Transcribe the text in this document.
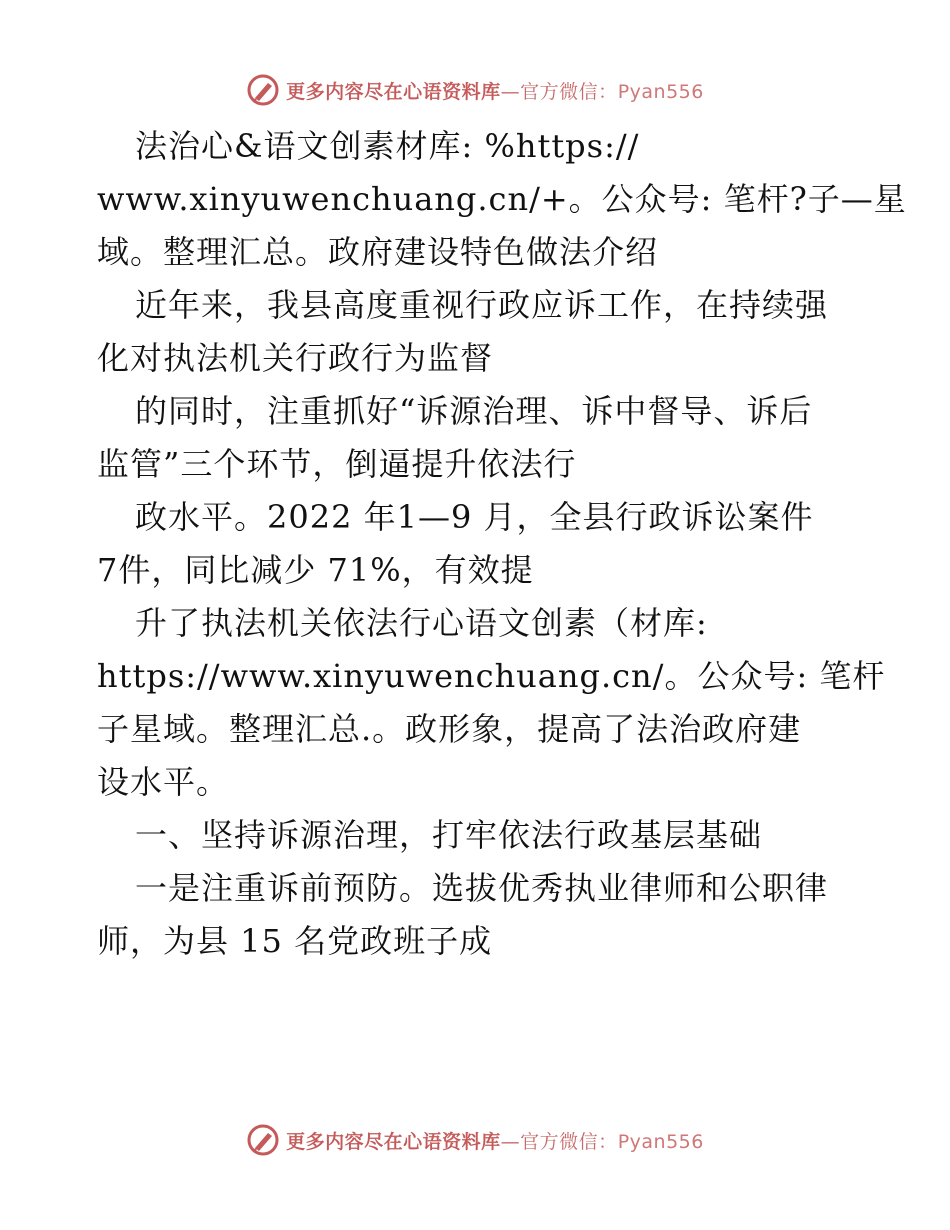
更多内容尽在心语资料库—官方微信：Pyan556
法治心&语文创素材库: %https://
www.xinyuwenchuang.cn/+。公众号: 笔杆?子—星
域。整理汇总。政府建设特色做法介绍
近年来，我县高度重视行政应诉工作，在持续强
化对执法机关行政行为监督
的同时，注重抓好“诉源治理、诉中督导、诉后
监管”三个环节，倒逼提升依法行
政水平。2022 年1—9 月，全县行政诉讼案件
7件，同比减少 71%，有效提
升了执法机关依法行心语文创素（材库:
https://www.xinyuwenchuang.cn/。公众号: 笔杆
子星域。整理汇总.。政形象，提高了法治政府建
设水平。
一、坚持诉源治理，打牢依法行政基层基础
一是注重诉前预防。选拔优秀执业律师和公职律
师，为县 15 名党政班子成
更多内容尽在心语资料库—官方微信：Pyan556
